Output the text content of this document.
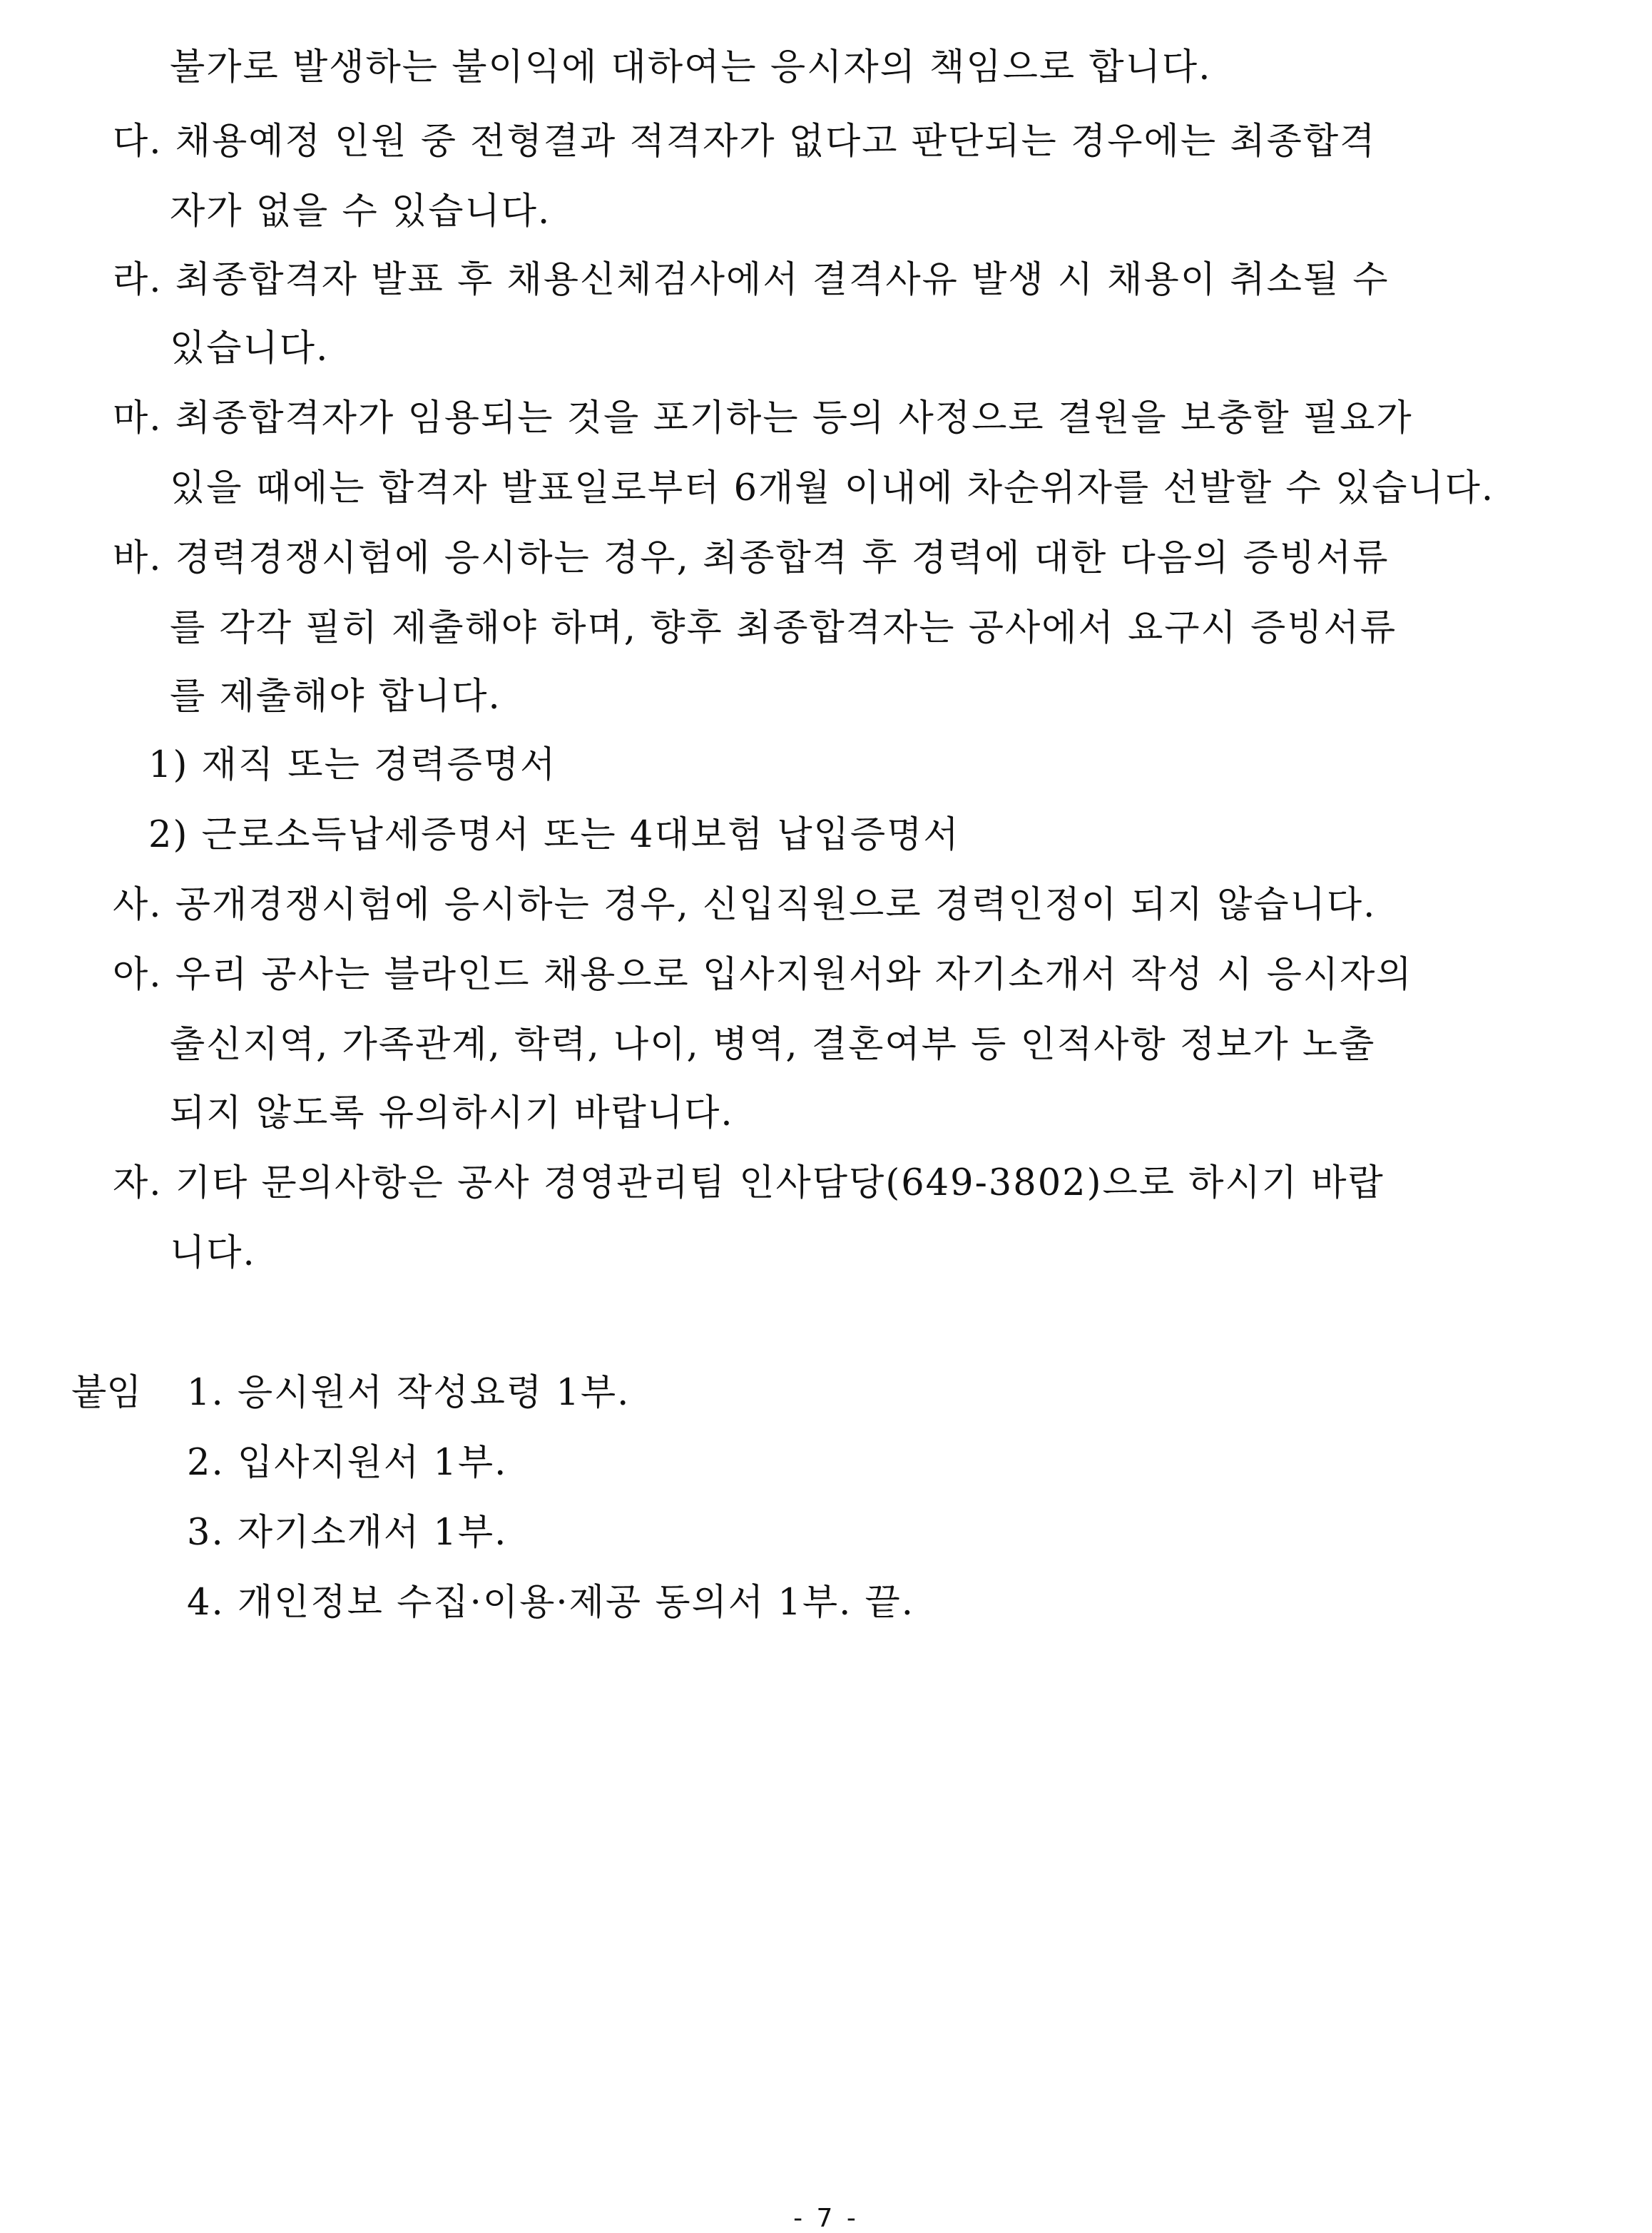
불가로 발생하는 불이익에 대하여는 응시자의 책임으로 합니다.
다. 채용예정 인원 중 전형결과 적격자가 없다고 판단되는 경우에는 최종합격
자가 없을 수 있습니다.
라. 최종합격자 발표 후 채용신체검사에서 결격사유 발생 시 채용이 취소될 수
있습니다.
마. 최종합격자가 임용되는 것을 포기하는 등의 사정으로 결원을 보충할 필요가
있을 때에는 합격자 발표일로부터 6개월 이내에 차순위자를 선발할 수 있습니다.
바. 경력경쟁시험에 응시하는 경우, 최종합격 후 경력에 대한 다음의 증빙서류
를 각각 필히 제출해야 하며, 향후 최종합격자는 공사에서 요구시 증빙서류
를 제출해야 합니다.
1) 재직 또는 경력증명서
2) 근로소득납세증명서 또는 4대보험 납입증명서
사. 공개경쟁시험에 응시하는 경우, 신입직원으로 경력인정이 되지 않습니다.
아. 우리 공사는 블라인드 채용으로 입사지원서와 자기소개서 작성 시 응시자의
출신지역, 가족관계, 학력, 나이, 병역, 결혼여부 등 인적사항 정보가 노출
되지 않도록 유의하시기 바랍니다.
자. 기타 문의사항은 공사 경영관리팀 인사담당(649-3802)으로 하시기 바랍
니다.
붙임 1. 응시원서 작성요령 1부.
2. 입사지원서 1부.
3. 자기소개서 1부.
4. 개인정보 수집·이용·제공 동의서 1부. 끝.
- 7 -
